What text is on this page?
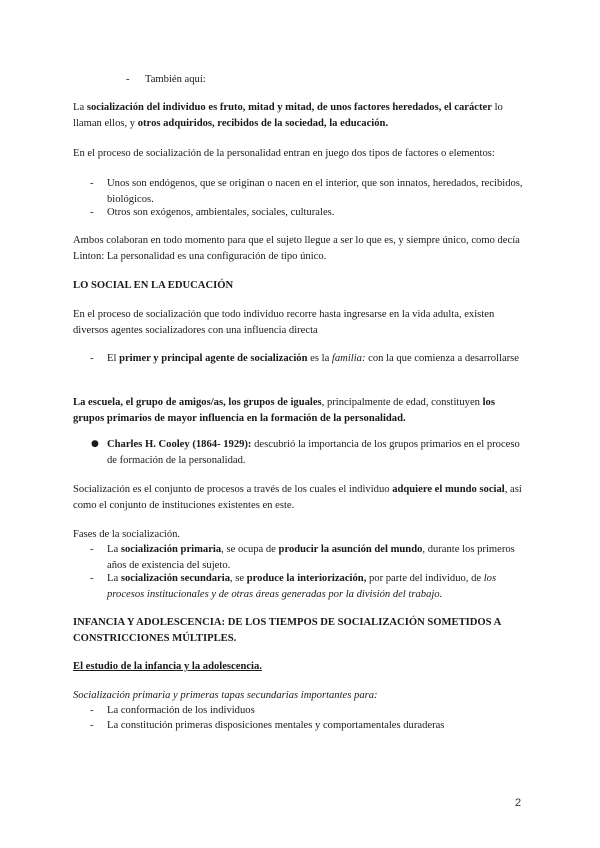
- También aquí:

La socialización del individuo es fruto, mitad y mitad, de unos factores heredados, el carácter lo llaman ellos, y otros adquiridos, recibidos de la sociedad, la educación.

En el proceso de socialización de la personalidad entran en juego dos tipos de factores o elementos:

- Unos son endógenos, que se originan o nacen en el interior, que son innatos, heredados, recibidos, biológicos.
- Otros son exógenos, ambientales, sociales, culturales.

Ambos colaboran en todo momento para que el sujeto llegue a ser lo que es, y siempre único, como decía Linton: La personalidad es una configuración de tipo único.

LO SOCIAL EN LA EDUCACIÓN

En el proceso de socialización que todo individuo recorre hasta ingresarse en la vida adulta, existen diversos agentes socializadores con una influencia directa

- El primer y principal agente de socialización es la familia: con la que comienza a desarrollarse

La escuela, el grupo de amigos/as, los grupos de iguales, principalmente de edad, constituyen los grupos primarios de mayor influencia en la formación de la personalidad.

● Charles H. Cooley (1864- 1929): descubrió la importancia de los grupos primarios en el proceso de formación de la personalidad.

Socialización es el conjunto de procesos a través de los cuales el individuo adquiere el mundo social, así como el conjunto de instituciones existentes en este.

Fases de la socialización.

- La socialización primaria, se ocupa de producir la asunción del mundo, durante los primeros años de existencia del sujeto.
- La socialización secundaria, se produce la interiorización, por parte del individuo, de los procesos institucionales y de otras áreas generadas por la división del trabajo.

INFANCIA Y ADOLESCENCIA: DE LOS TIEMPOS DE SOCIALIZACIÓN SOMETIDOS A CONSTRICCIONES MÚLTIPLES.

El estudio de la infancia y la adolescencia.

Socialización primaria y primeras tapas secundarias importantes para:

- La conformación de los individuos
- La constitución primeras disposiciones mentales y comportamentales duraderas
2
